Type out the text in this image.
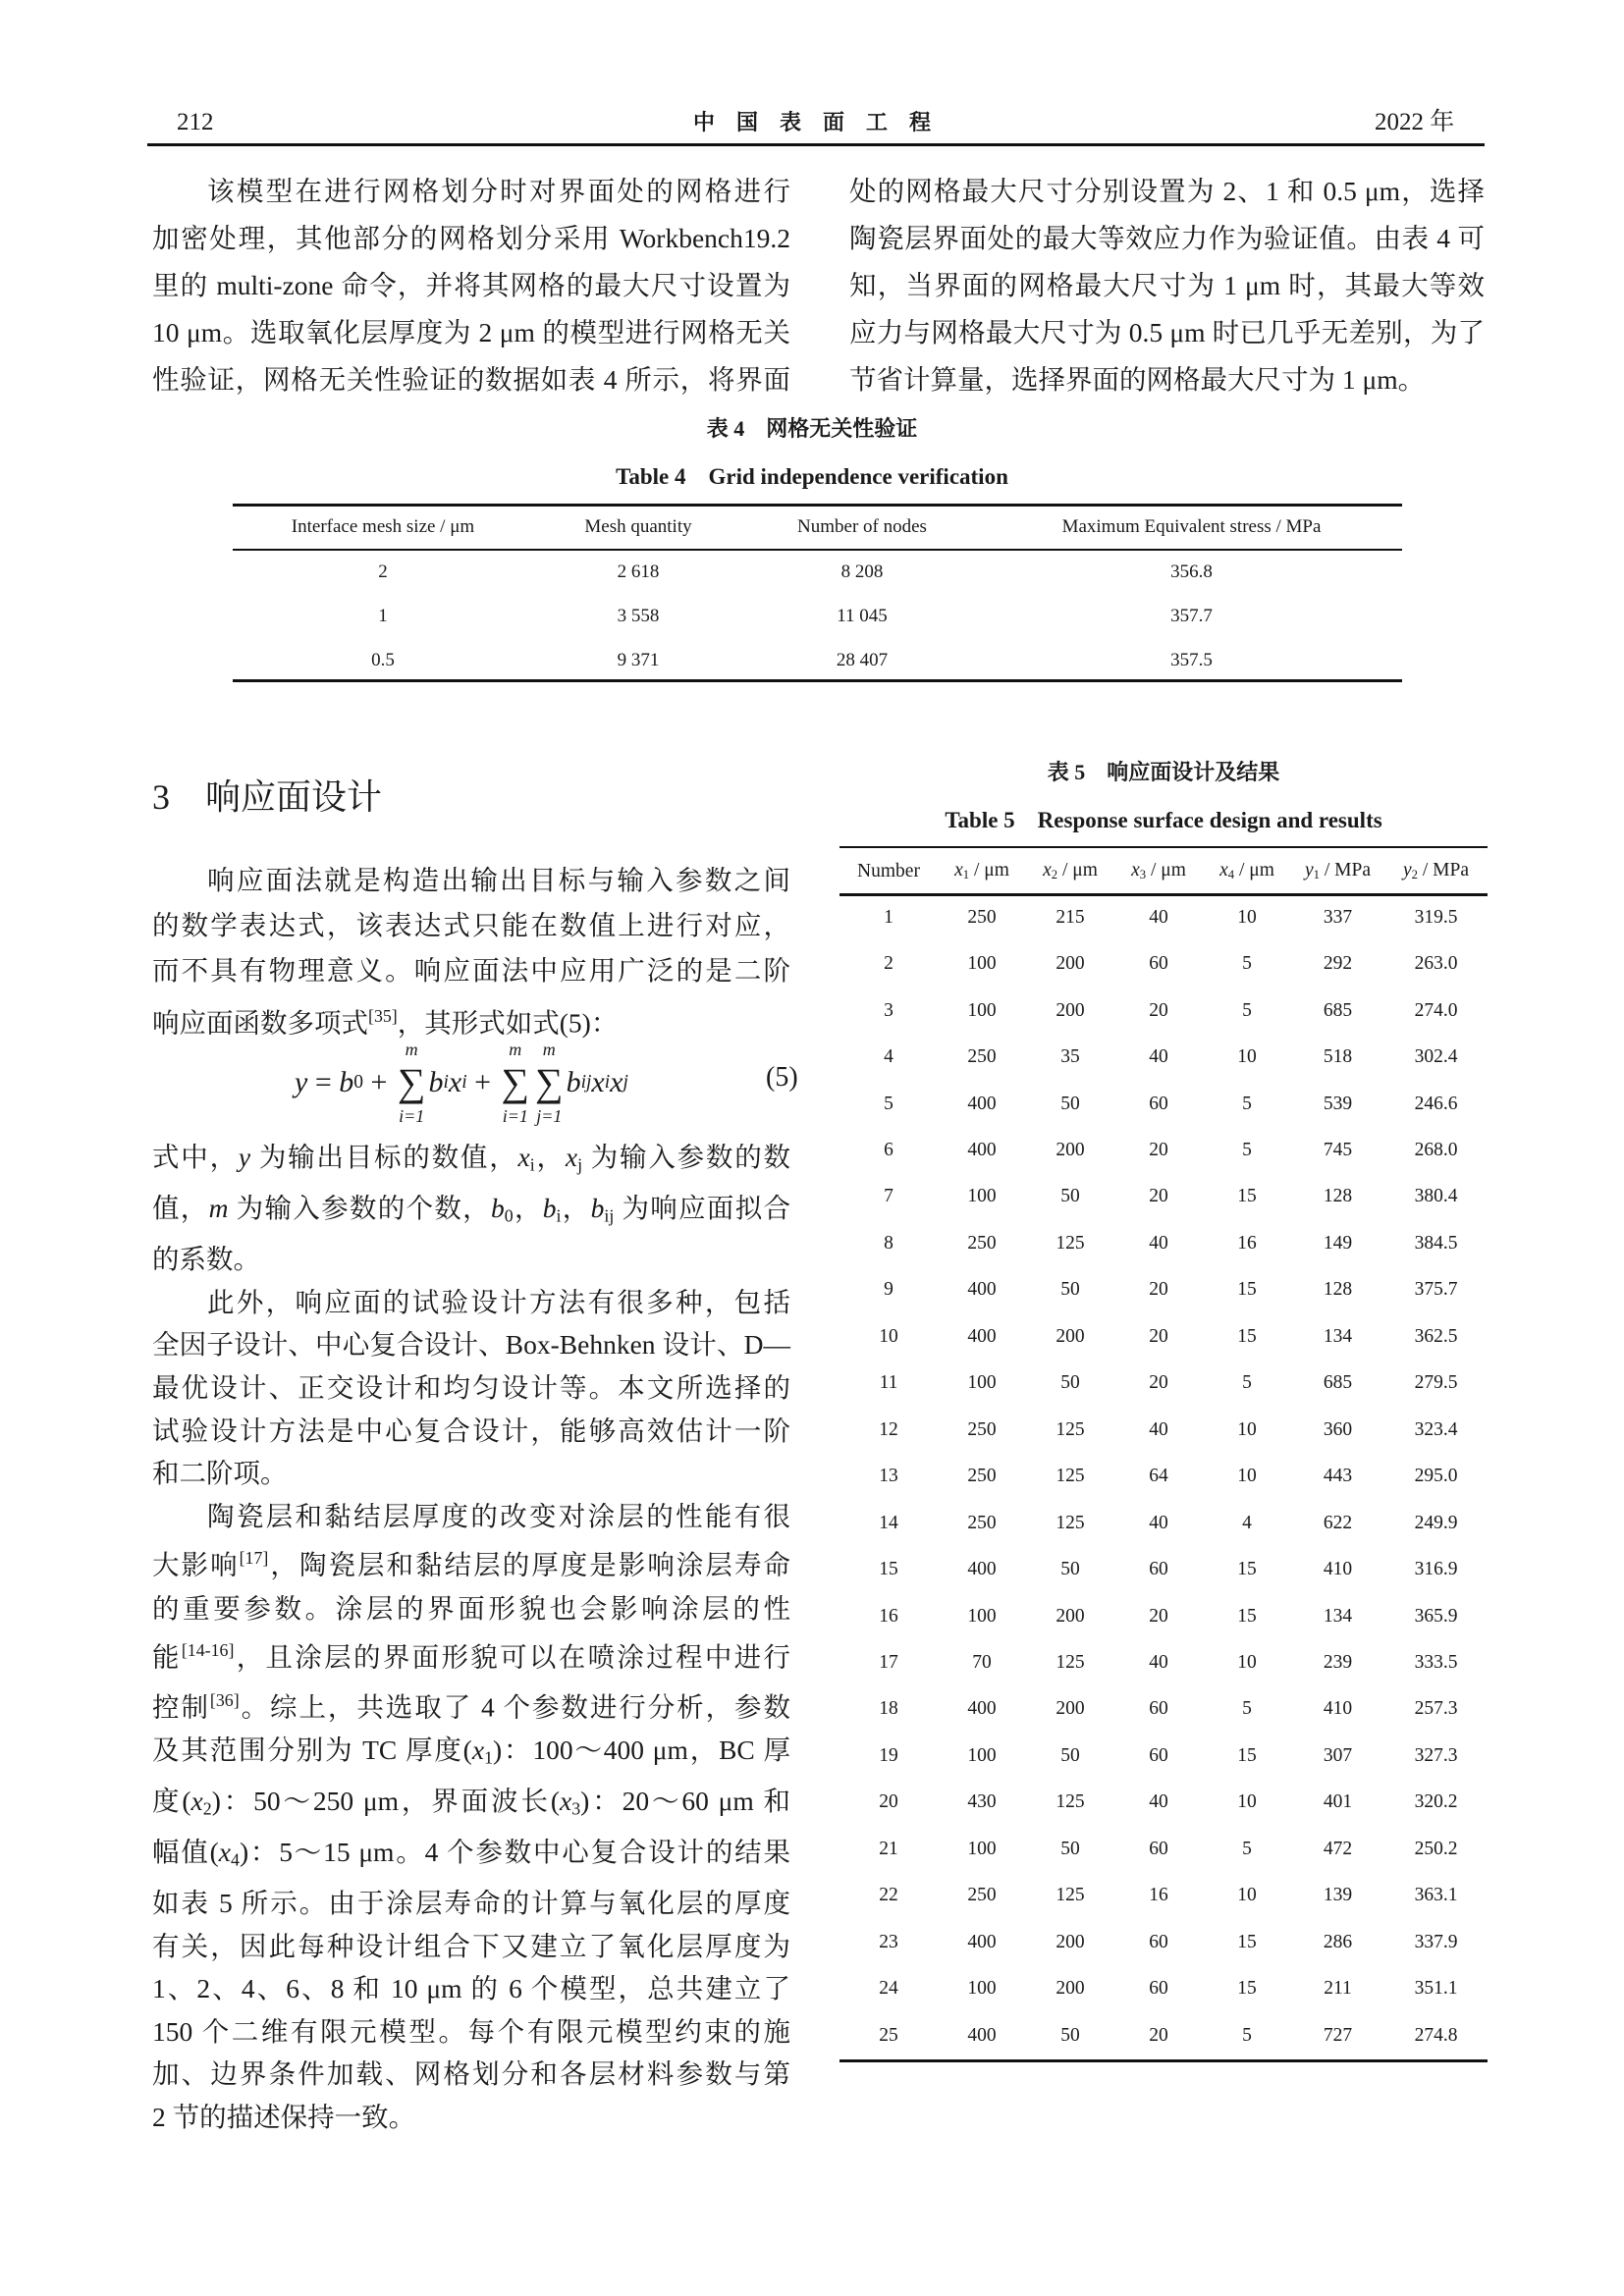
212	中　国　表　面　工　程	2022 年
该模型在进行网格划分时对界面处的网格进行
加密处理，其他部分的网格划分采用 Workbench19.2
里的 multi-zone 命令，并将其网格的最大尺寸设置为
10 μm。选取氧化层厚度为 2 μm 的模型进行网格无关
性验证，网格无关性验证的数据如表 4 所示，将界面
处的网格最大尺寸分别设置为 2、1 和 0.5 μm，选择
陶瓷层界面处的最大等效应力作为验证值。由表 4 可
知，当界面的网格最大尺寸为 1 μm 时，其最大等效
应力与网格最大尺寸为 0.5 μm 时已几乎无差别，为了
节省计算量，选择界面的网格最大尺寸为 1 μm。
表 4　网格无关性验证
Table 4　Grid independence verification
Interface mesh size / μm	Mesh quantity	Number of nodes	Maximum Equivalent stress / MPa
2	2 618	8 208	356.8
1	3 558	11 045	357.7
0.5	9 371	28 407	357.5
3 响应面设计
响应面法就是构造出输出目标与输入参数之间
的数学表达式，该表达式只能在数值上进行对应，
而不具有物理意义。响应面法中应用广泛的是二阶
响应面函数多项式[35]，其形式如式(5)：
y = b 0 +
m
∑
i=1
b i x i +
m
∑
i=1
m
∑
j=1
b ij x i x j	(5)
式中，y 为输出目标的数值，$x_i$，$x_j$ 为输入参数的数
值，m 为输入参数的个数，$b_0$，$b_i$，$b_{ij}$ 为响应面拟合
的系数。
此外，响应面的试验设计方法有很多种，包括
全因子设计、中心复合设计、Box-Behnken 设计、D—
最优设计、正交设计和均匀设计等。本文所选择的
试验设计方法是中心复合设计，能够高效估计一阶
和二阶项。
陶瓷层和黏结层厚度的改变对涂层的性能有很
大影响[17]，陶瓷层和黏结层的厚度是影响涂层寿命
的重要参数。涂层的界面形貌也会影响涂层的性
能[14-16]，且涂层的界面形貌可以在喷涂过程中进行
控制[36]。综上，共选取了 4 个参数进行分析，参数
及其范围分别为 TC 厚度$(x_1)$：100～400 μm，BC 厚
度$(x_2)$：50～250 μm，界面波长$(x_3)$：20～60 μm 和
幅值$(x_4)$：5～15 μm。4 个参数中心复合设计的结果
如表 5 所示。由于涂层寿命的计算与氧化层的厚度
有关，因此每种设计组合下又建立了氧化层厚度为
1、2、4、6、8 和 10 μm 的 6 个模型，总共建立了
150 个二维有限元模型。每个有限元模型约束的施
加、边界条件加载、网格划分和各层材料参数与第
2 节的描述保持一致。
表 5　响应面设计及结果
Table 5　Response surface design and results
Number	$x_1$ / μm	$x_2$ / μm	$x_3$ / μm	$x_4$ / μm	$y_1$ / MPa	$y_2$ / MPa
1	250	215	40	10	337	319.5
2	100	200	60	5	292	263.0
3	100	200	20	5	685	274.0
4	250	35	40	10	518	302.4
5	400	50	60	5	539	246.6
6	400	200	20	5	745	268.0
7	100	50	20	15	128	380.4
8	250	125	40	16	149	384.5
9	400	50	20	15	128	375.7
10	400	200	20	15	134	362.5
11	100	50	20	5	685	279.5
12	250	125	40	10	360	323.4
13	250	125	64	10	443	295.0
14	250	125	40	4	622	249.9
15	400	50	60	15	410	316.9
16	100	200	20	15	134	365.9
17	70	125	40	10	239	333.5
18	400	200	60	5	410	257.3
19	100	50	60	15	307	327.3
20	430	125	40	10	401	320.2
21	100	50	60	5	472	250.2
22	250	125	16	10	139	363.1
23	400	200	60	15	286	337.9
24	100	200	60	15	211	351.1
25	400	50	20	5	727	274.8
